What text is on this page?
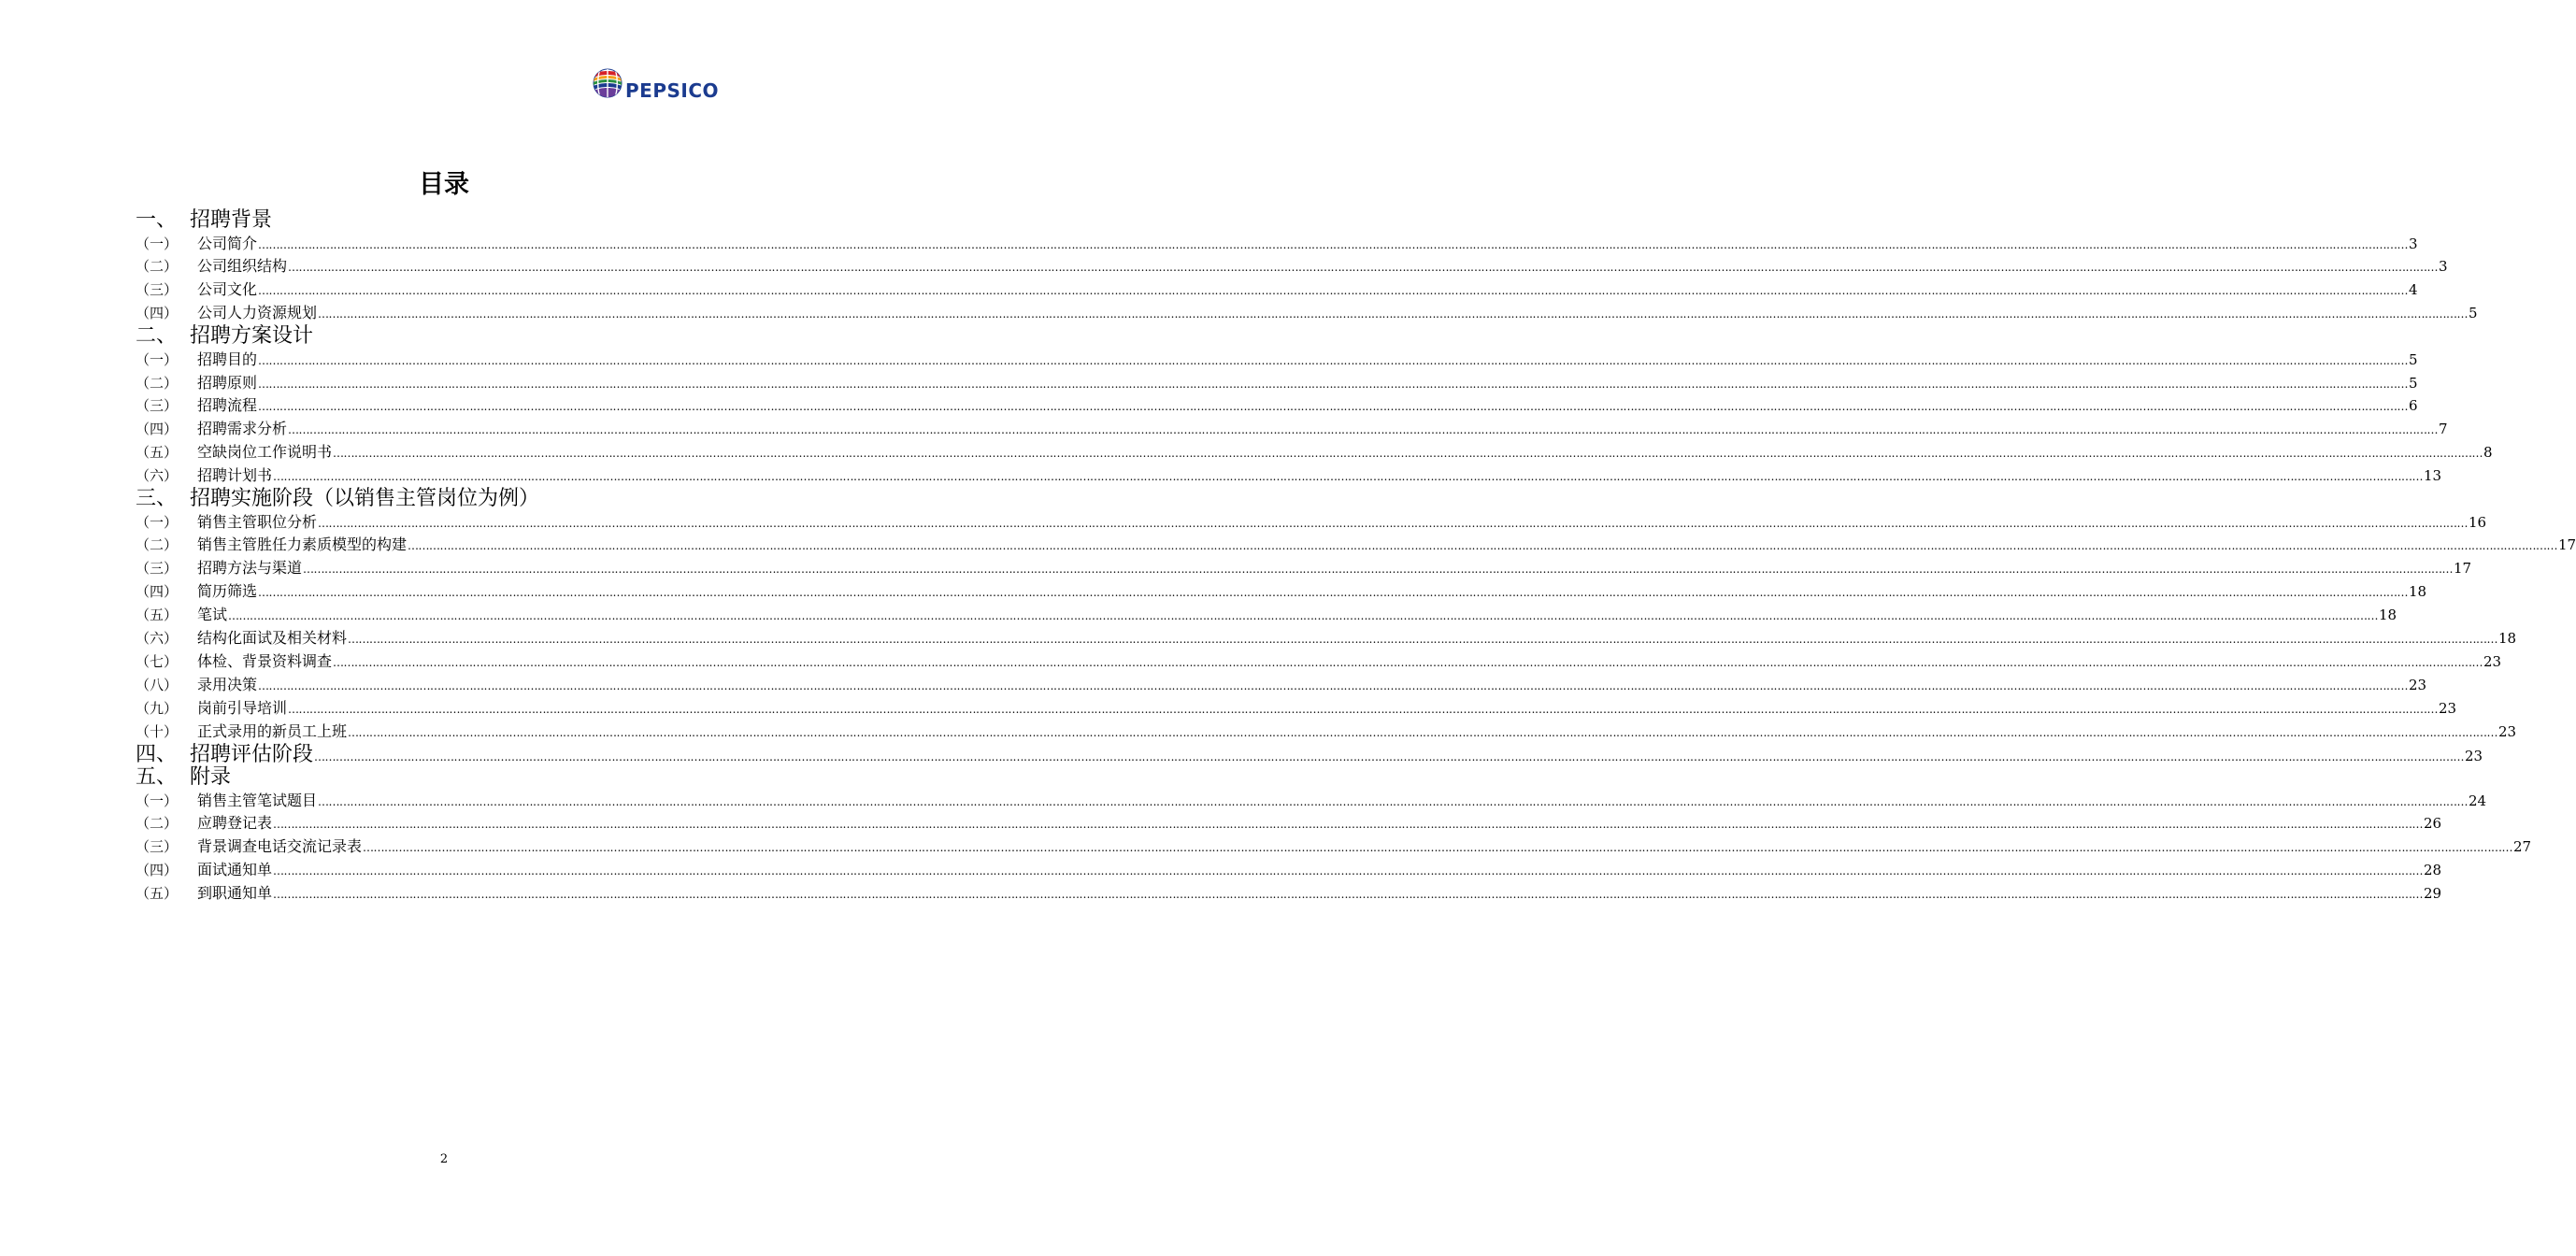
PEPSICO
目录
一、 招聘背景
（一）	公司简介 …………………………………………………………………………………………………………………………………………………………………………………………………………………………………………………………………………………………………………………………………………………………………………………………………………………………………………………………………………………………………………………………………………………… 3
（二）	公司组织结构 …………………………………………………………………………………………………………………………………………………………………………………………………………………………………………………………………………………………………………………………………………………………………………………………………………………………………………………………………………………………………………………………………………………… 3
（三）	公司文化 …………………………………………………………………………………………………………………………………………………………………………………………………………………………………………………………………………………………………………………………………………………………………………………………………………………………………………………………………………………………………………………………………………………… 4
（四）	公司人力资源规划 …………………………………………………………………………………………………………………………………………………………………………………………………………………………………………………………………………………………………………………………………………………………………………………………………………………………………………………………………………………………………………………………………………………… 5
二、 招聘方案设计
（一）	招聘目的 …………………………………………………………………………………………………………………………………………………………………………………………………………………………………………………………………………………………………………………………………………………………………………………………………………………………………………………………………………………………………………………………………………………… 5
（二）	招聘原则 …………………………………………………………………………………………………………………………………………………………………………………………………………………………………………………………………………………………………………………………………………………………………………………………………………………………………………………………………………………………………………………………………………………… 5
（三）	招聘流程 …………………………………………………………………………………………………………………………………………………………………………………………………………………………………………………………………………………………………………………………………………………………………………………………………………………………………………………………………………………………………………………………………………………… 6
（四）	招聘需求分析 …………………………………………………………………………………………………………………………………………………………………………………………………………………………………………………………………………………………………………………………………………………………………………………………………………………………………………………………………………………………………………………………………………………… 7
（五）	空缺岗位工作说明书 …………………………………………………………………………………………………………………………………………………………………………………………………………………………………………………………………………………………………………………………………………………………………………………………………………………………………………………………………………………………………………………………………………………… 8
（六）	招聘计划书 …………………………………………………………………………………………………………………………………………………………………………………………………………………………………………………………………………………………………………………………………………………………………………………………………………………………………………………………………………………………………………………………………………………… 13
三、 招聘实施阶段（以销售主管岗位为例）
（一）	销售主管职位分析 …………………………………………………………………………………………………………………………………………………………………………………………………………………………………………………………………………………………………………………………………………………………………………………………………………………………………………………………………………………………………………………………………………………… 16
（二）	销售主管胜任力素质模型的构建 …………………………………………………………………………………………………………………………………………………………………………………………………………………………………………………………………………………………………………………………………………………………………………………………………………………………………………………………………………………………………………………………………………………… 17
（三）	招聘方法与渠道 …………………………………………………………………………………………………………………………………………………………………………………………………………………………………………………………………………………………………………………………………………………………………………………………………………………………………………………………………………………………………………………………………………………… 17
（四）	简历筛选 …………………………………………………………………………………………………………………………………………………………………………………………………………………………………………………………………………………………………………………………………………………………………………………………………………………………………………………………………………………………………………………………………………………… 18
（五）	笔试 …………………………………………………………………………………………………………………………………………………………………………………………………………………………………………………………………………………………………………………………………………………………………………………………………………………………………………………………………………………………………………………………………………………… 18
（六）	结构化面试及相关材料 …………………………………………………………………………………………………………………………………………………………………………………………………………………………………………………………………………………………………………………………………………………………………………………………………………………………………………………………………………………………………………………………………………………… 18
（七）	体检、背景资料调查 …………………………………………………………………………………………………………………………………………………………………………………………………………………………………………………………………………………………………………………………………………………………………………………………………………………………………………………………………………………………………………………………………………………… 23
（八）	录用决策 …………………………………………………………………………………………………………………………………………………………………………………………………………………………………………………………………………………………………………………………………………………………………………………………………………………………………………………………………………………………………………………………………………………… 23
（九）	岗前引导培训 …………………………………………………………………………………………………………………………………………………………………………………………………………………………………………………………………………………………………………………………………………………………………………………………………………………………………………………………………………………………………………………………………………………… 23
（十）	正式录用的新员工上班 …………………………………………………………………………………………………………………………………………………………………………………………………………………………………………………………………………………………………………………………………………………………………………………………………………………………………………………………………………………………………………………………………………………… 23
四、 招聘评估阶段 …………………………………………………………………………………………………………………………………………………………………………………………………………………………………………………………………………………………………………………………………………………………………………………………………………………………………………………………………………………………………………………………………………………… 23
五、 附录
（一）	销售主管笔试题目 …………………………………………………………………………………………………………………………………………………………………………………………………………………………………………………………………………………………………………………………………………………………………………………………………………………………………………………………………………………………………………………………………………………… 24
（二）	应聘登记表 …………………………………………………………………………………………………………………………………………………………………………………………………………………………………………………………………………………………………………………………………………………………………………………………………………………………………………………………………………………………………………………………………………………… 26
（三）	背景调查电话交流记录表 …………………………………………………………………………………………………………………………………………………………………………………………………………………………………………………………………………………………………………………………………………………………………………………………………………………………………………………………………………………………………………………………………………………… 27
（四）	面试通知单 …………………………………………………………………………………………………………………………………………………………………………………………………………………………………………………………………………………………………………………………………………………………………………………………………………………………………………………………………………………………………………………………………………………… 28
（五）	到职通知单 …………………………………………………………………………………………………………………………………………………………………………………………………………………………………………………………………………………………………………………………………………………………………………………………………………………………………………………………………………………………………………………………………………………… 29
2
